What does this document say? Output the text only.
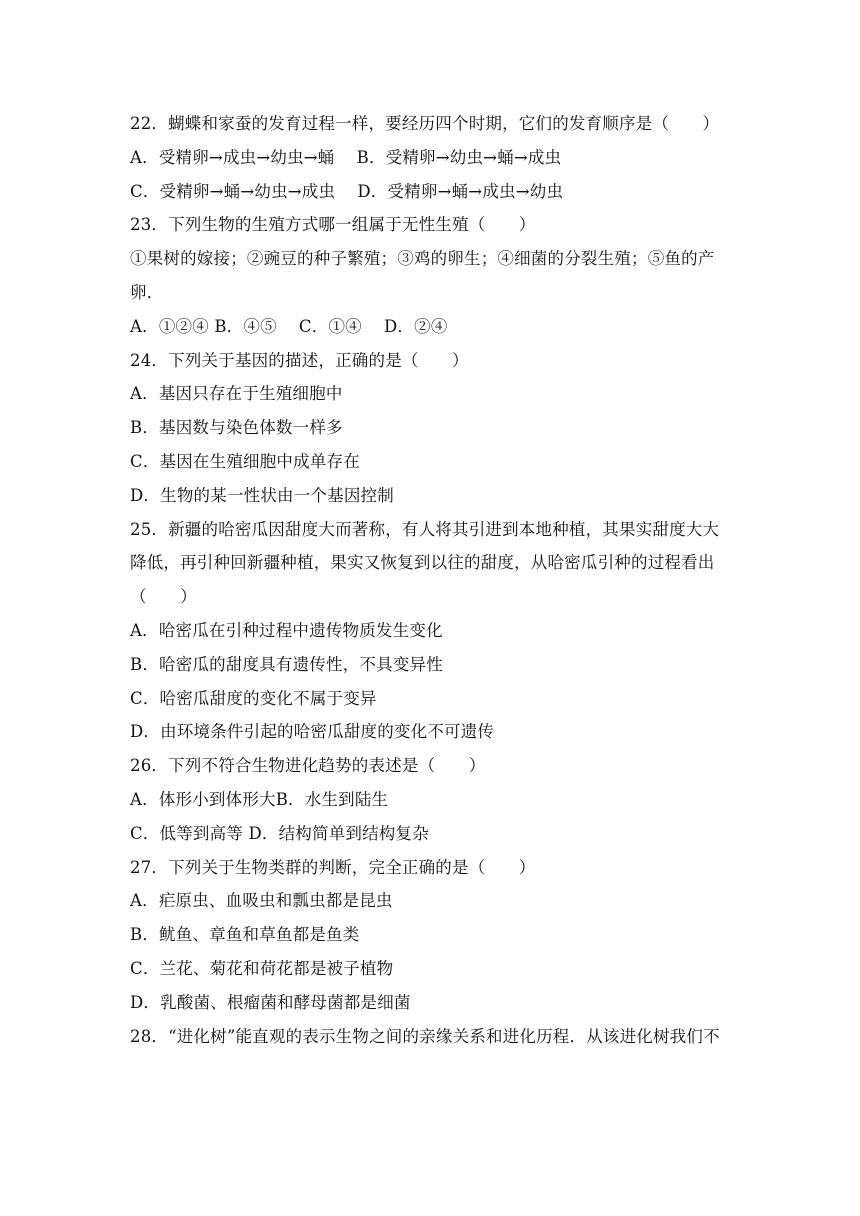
22．蝴蝶和家蚕的发育过程一样，要经历四个时期，它们的发育顺序是（　　）
A．受精卵→成虫→幼虫→蛹　 B．受精卵→幼虫→蛹→成虫
C．受精卵→蛹→幼虫→成虫　 D．受精卵→蛹→成虫→幼虫
23．下列生物的生殖方式哪一组属于无性生殖（　　）
①果树的嫁接；②豌豆的种子繁殖；③鸡的卵生；④细菌的分裂生殖；⑤鱼的产
卵．
A．①②④ B．④⑤　 C．①④　 D．②④
24．下列关于基因的描述，正确的是（　　）
A．基因只存在于生殖细胞中
B．基因数与染色体数一样多
C．基因在生殖细胞中成单存在
D．生物的某一性状由一个基因控制
25．新疆的哈密瓜因甜度大而著称，有人将其引进到本地种植，其果实甜度大大
降低，再引种回新疆种植，果实又恢复到以往的甜度，从哈密瓜引种的过程看出
（　　）
A．哈密瓜在引种过程中遗传物质发生变化
B．哈密瓜的甜度具有遗传性，不具变异性
C．哈密瓜甜度的变化不属于变异
D．由环境条件引起的哈密瓜甜度的变化不可遗传
26．下列不符合生物进化趋势的表述是（　　）
A．体形小到体形大B．水生到陆生
C．低等到高等 D．结构简单到结构复杂
27．下列关于生物类群的判断，完全正确的是（　　）
A．疟原虫、血吸虫和瓢虫都是昆虫
B．鱿鱼、章鱼和草鱼都是鱼类
C．兰花、菊花和荷花都是被子植物
D．乳酸菌、根瘤菌和酵母菌都是细菌
28．“进化树”能直观的表示生物之间的亲缘关系和进化历程．从该进化树我们不
